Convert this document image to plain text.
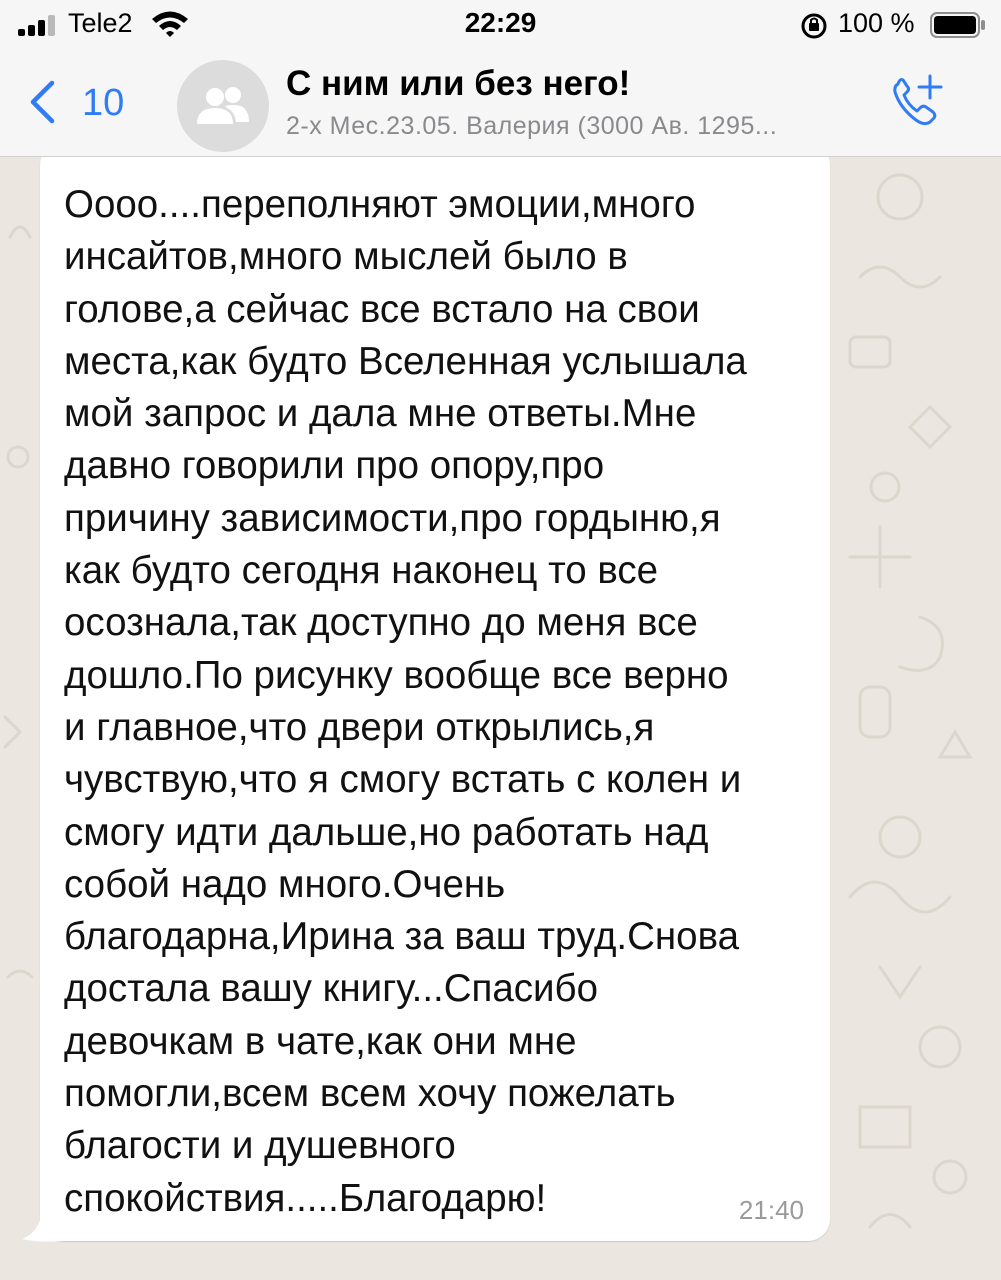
Tele2	22:29	100 %
10	С ним или без него!
2-х Мес.23.05. Валерия (3000 Ав. 1295...

Оооо....переполняют эмоции,много
инсайтов,много мыслей было в
голове,а сейчас все встало на свои
места,как будто Вселенная услышала
мой запрос и дала мне ответы.Мне
давно говорили про опору,про
причину зависимости,про гордыню,я
как будто сегодня наконец то все
осознала,так доступно до меня все
дошло.По рисунку вообще все верно
и главное,что двери открылись,я
чувствую,что я смогу встать с колен и
смогу идти дальше,но работать над
собой надо много.Очень
благодарна,Ирина за ваш труд.Снова
достала вашу книгу...Спасибо
девочкам в чате,как они мне
помогли,всем всем хочу пожелать
благости и душевного
спокойствия.....Благодарю!	21:40
